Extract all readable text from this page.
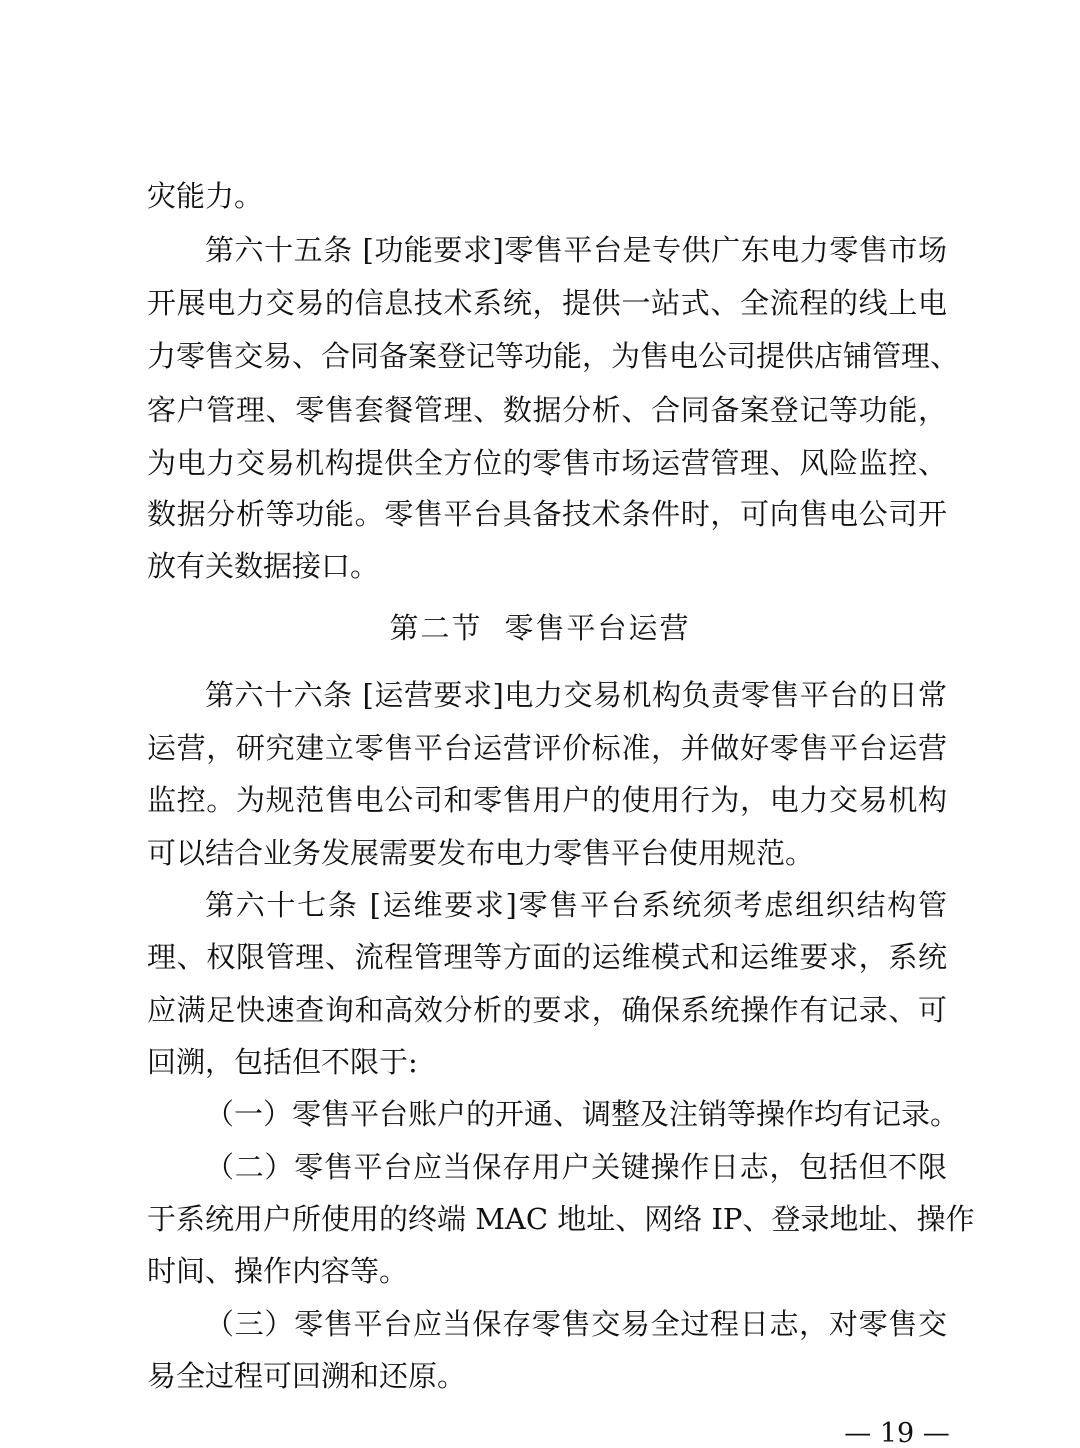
灾能力。
第六十五条 [功能要求]零售平台是专供广东电力零售市场
开展电力交易的信息技术系统，提供一站式、全流程的线上电
力零售交易、合同备案登记等功能，为售电公司提供店铺管理、
客户管理、零售套餐管理、数据分析、合同备案登记等功能，
为电力交易机构提供全方位的零售市场运营管理、风险监控、
数据分析等功能。零售平台具备技术条件时，可向售电公司开
放有关数据接口。
第二节 零售平台运营
第六十六条 [运营要求]电力交易机构负责零售平台的日常
运营，研究建立零售平台运营评价标准，并做好零售平台运营
监控。为规范售电公司和零售用户的使用行为，电力交易机构
可以结合业务发展需要发布电力零售平台使用规范。
第六十七条 [运维要求]零售平台系统须考虑组织结构管
理、权限管理、流程管理等方面的运维模式和运维要求，系统
应满足快速查询和高效分析的要求，确保系统操作有记录、可
回溯，包括但不限于:
（一）零售平台账户的开通、调整及注销等操作均有记录。
（二）零售平台应当保存用户关键操作日志，包括但不限
于系统用户所使用的终端 MAC 地址、网络 IP、登录地址、操作
时间、操作内容等。
（三）零售平台应当保存零售交易全过程日志，对零售交
易全过程可回溯和还原。
— 19 —
